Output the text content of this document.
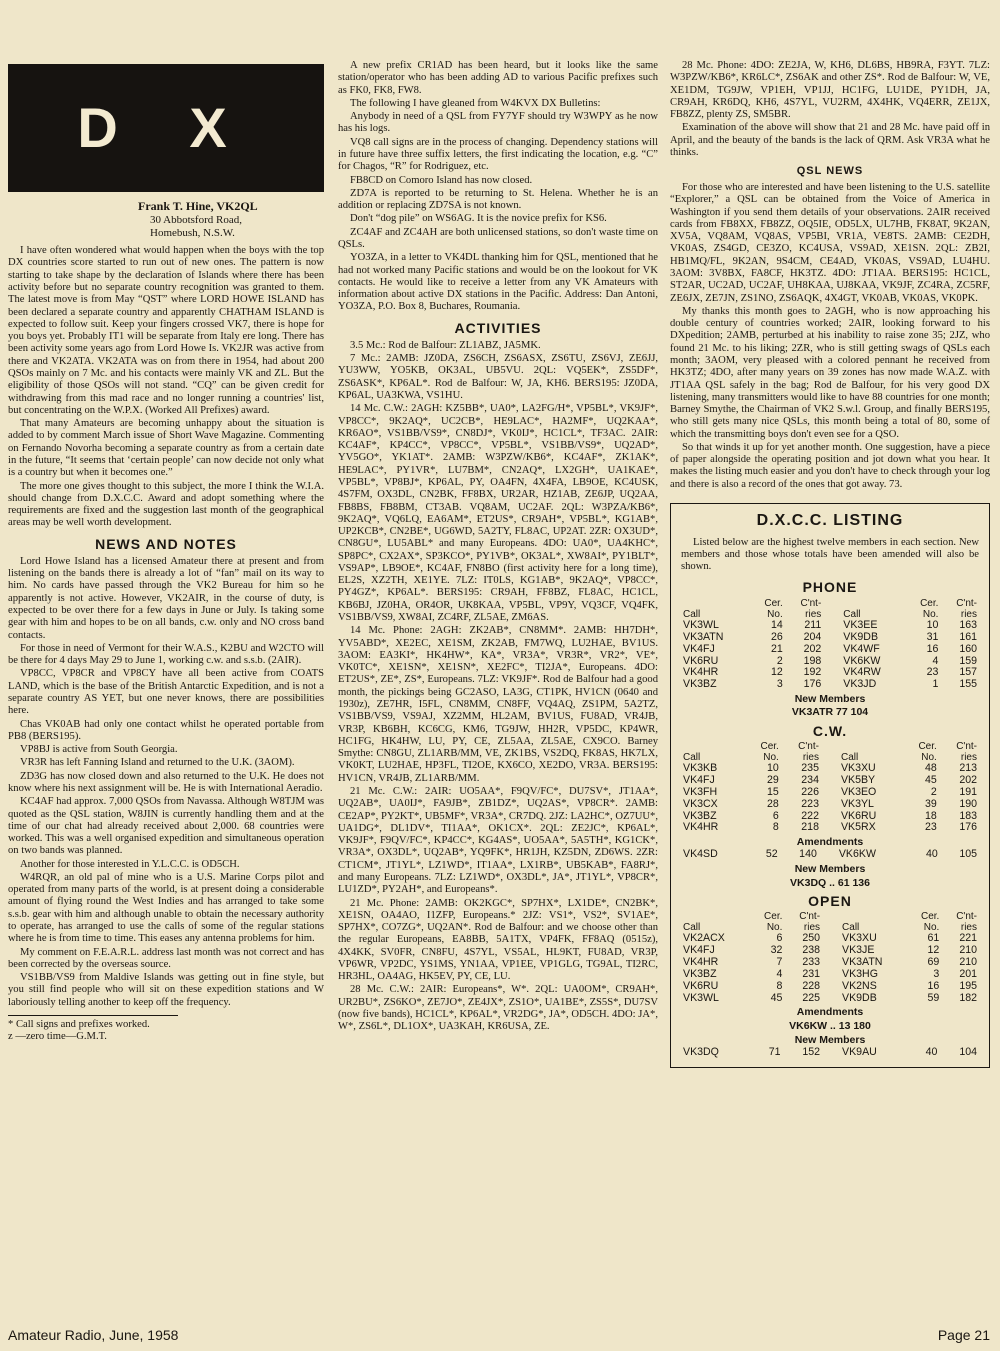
D X
Frank T. Hine, VK2QL
30 Abbotsford Road,
Homebush, N.S.W.

I have often wondered what would happen when the boys with the top DX countries score started to run out of new ones. The pattern is now starting to take shape by the declaration of Islands where there has been activity before but no separate country recognition was granted to them. The latest move is from May “QST” where LORD HOWE ISLAND has been declared a separate country and apparently CHATHAM ISLAND is expected to follow suit. Keep your fingers crossed VK7, there is hope for you boys yet. Probably IT1 will be separate from Italy ere long. There has been activity some years ago from Lord Howe Is. VK2JR was active from there and VK2ATA. VK2ATA was on from there in 1954, had about 200 QSOs mainly on 7 Mc. and his contacts were mainly VK and ZL. But the eligibility of those QSOs will not stand. “CQ” can be given credit for withdrawing from this mad race and no longer running a countries' list, but concentrating on the W.P.X. (Worked All Prefixes) award.

That many Amateurs are becoming unhappy about the situation is added to by comment March issue of Short Wave Magazine. Commenting on Fernando Novorha becoming a separate country as from a certain date in the future, “It seems that ‘certain people’ can now decide not only what is a country but when it becomes one.”

The more one gives thought to this subject, the more I think the W.I.A. should change from D.X.C.C. Award and adopt something where the requirements are fixed and the suggestion last month of the geographical areas may be well worth development.

NEWS AND NOTES

Lord Howe Island has a licensed Amateur there at present and from listening on the bands there is already a lot of “fan” mail on its way to him. No cards have passed through the VK2 Bureau for him so he apparently is not active. However, VK2AIR, in the course of duty, is expected to be over there for a few days in June or July. Is taking some gear with him and hopes to be on all bands, c.w. only and NO cross band contacts.

For those in need of Vermont for their W.A.S., K2BU and W2CTO will be there for 4 days May 29 to June 1, working c.w. and s.s.b. (2AIR).

VP8CC, VP8CR and VP8CY have all been active from COATS LAND, which is the base of the British Antarctic Expedition, and is not a separate country AS YET, but one never knows, there are possibilities here.

Chas VK0AB had only one contact whilst he operated portable from PB8 (BERS195).

VP8BJ is active from South Georgia.

VR3R has left Fanning Island and returned to the U.K. (3AOM).

ZD3G has now closed down and also returned to the U.K. He does not know where his next assignment will be. He is with International Aeradio.

KC4AF had approx. 7,000 QSOs from Navassa. Although W8TJM was quoted as the QSL station, W8JIN is currently handling them and at the time of our chat had already received about 2,000. 68 countries were worked. This was a well organised expedition and simultaneous operation on two bands was planned.

Another for those interested in Y.L.C.C. is OD5CH.

W4RQR, an old pal of mine who is a U.S. Marine Corps pilot and operated from many parts of the world, is at present doing a considerable amount of flying round the West Indies and has arranged to take some s.s.b. gear with him and although unable to obtain the necessary authority to operate, has arranged to use the calls of some of the regular stations where he is from time to time. This eases any antenna problems for him.

My comment on F.E.A.R.L. address last month was not correct and has been corrected by the overseas source.

VS1BB/VS9 from Maldive Islands was getting out in fine style, but you still find people who will sit on these expedition stations and W laboriously telling another to keep off the frequency.

* Call signs and prefixes worked.
z —zero time—G.M.T.

A new prefix CR1AD has been heard, but it looks like the same station/operator who has been adding AD to various Pacific prefixes such as FK0, FK8, FW8.

The following I have gleaned from W4KVX DX Bulletins:

Anybody in need of a QSL from FY7YF should try W3WPY as he now has his logs.

VQ8 call signs are in the process of changing. Dependency stations will in future have three suffix letters, the first indicating the location, e.g. “C” for Chagos, “R” for Rodriguez, etc.

FB8CD on Comoro Island has now closed.

ZD7A is reported to be returning to St. Helena. Whether he is an addition or replacing ZD7SA is not known.

Don't “dog pile” on WS6AG. It is the novice prefix for KS6.

ZC4AF and ZC4AH are both unlicensed stations, so don't waste time on QSLs.

YO3ZA, in a letter to VK4DL thanking him for QSL, mentioned that he had not worked many Pacific stations and would be on the lookout for VK contacts. He would like to receive a letter from any VK Amateurs with information about active DX stations in the Pacific. Address: Dan Antoni, YO3ZA, P.O. Box 8, Buchares, Roumania.

ACTIVITIES

3.5 Mc.: Rod de Balfour: ZL1ABZ, JA5MK.

7 Mc.: 2AMB: JZ0DA, ZS6CH, ZS6ASX, ZS6TU, ZS6VJ, ZE6JJ, YU3WW, YO5KB, OK3AL, UB5VU. 2QL: VQ5EK*, ZS5DF*, ZS6ASK*, KP6AL*. Rod de Balfour: W, JA, KH6. BERS195: JZ0DA, KP6AL, UA3KWA, VS1HU.

14 Mc. C.W.: 2AGH: KZ5BB*, UA0*, LA2FG/H*, VP5BL*, VK9JF*, VP8CC*, 9K2AQ*, UC2CB*, HE9LAC*, HA2MF*, UQ2KAA*, KR6AO*, VS1BB/VS9*, CN8DJ*, VK0IJ*, HC1CL*, TF3AC. 2AIR: KC4AF*, KP4CC*, VP8CC*, VP5BL*, VS1BB/VS9*, UQ2AD*, YV5GO*, YK1AT*. 2AMB: W3PZW/KB6*, KC4AF*, ZK1AK*, HE9LAC*, PY1VR*, LU7BM*, CN2AQ*, LX2GH*, UA1KAE*, VP5BL*, VP8BJ*, KP6AL, PY, OA4FN, 4X4FA, LB9OE, KC4USK, 4S7FM, OX3DL, CN2BK, FF8BX, UR2AR, HZ1AB, ZE6JP, UQ2AA, FB8BS, FB8BM, CT3AB. VQ8AM, UC2AF. 2QL: W3PZA/KB6*, 9K2AQ*, VQ6LQ, EA6AM*, ET2US*, CR9AH*, VP5BL*, KG1AB*, UP2KCB*, CN2BE*, UG6WD, 5A2TY, FL8AC, UP2AT. 2ZR: OX3UD*, CN8GU*, LU5ABL* and many Europeans. 4DO: UA0*, UA4KHC*, SP8PC*, CX2AX*, SP3KCO*, PY1VB*, OK3AL*, XW8AI*, PY1BLT*, VS9AP*, LB9OE*, KC4AF, FN8BO (first activity here for a long time), EL2S, XZ2TH, XE1YE. 7LZ: IT0LS, KG1AB*, 9K2AQ*, VP8CC*, PY4GZ*, KP6AL*. BERS195: CR9AH, FF8BZ, FL8AC, HC1CL, KB6BJ, JZ0HA, OR4OR, UK8KAA, VP5BL, VP9Y, VQ3CF, VQ4FK, VS1BB/VS9, XW8AI, ZC4RF, ZL5AE, ZM6AS.

14 Mc. Phone: 2AGH: ZK2AB*, CN8MM*. 2AMB: HH7DH*, YV5ABD*, XE2EC, XE1SM, ZK2AB, FM7WQ, LU2HAE, BV1US. 3AOM: EA3KI*, HK4HW*, KA*, VR3A*, VR3R*, VR2*, VE*, VK0TC*, XE1SN*, XE1SN*, XE2FC*, TI2JA*, Europeans. 4DO: ET2US*, ZE*, ZS*, Europeans. 7LZ: VK9JF*. Rod de Balfour had a good month, the pickings being GC2ASO, LA3G, CT1PK, HV1CN (0640 and 1930z), ZE7HR, I5FL, CN8MM, CN8FF, VQ4AQ, ZS1PM, 5A2TZ, VS1BB/VS9, VS9AJ, XZ2MM, HL2AM, BV1US, FU8AD, VR4JB, VR3P, KB6BH, KC6CG, KM6, TG9JW, HH2R, VP5DC, KP4WR, HC1FG, HK4HW, LU, PY, CE, ZL5AA, ZL5AE, CX9CO. Barney Smythe: CN8GU, ZL1ARB/MM, VE, ZK1BS, VS2DQ, FK8AS, HK7LX, VK0KT, LU2HAE, HP3FL, TI2OE, KX6CO, XE2DO, VR3A. BERS195: HV1CN, VR4JB, ZL1ARB/MM.

21 Mc. C.W.: 2AIR: UO5AA*, F9QV/FC*, DU7SV*, JT1AA*, UQ2AB*, UA0IJ*, FA9JB*, ZB1DZ*, UQ2AS*, VP8CR*. 2AMB: CE2AP*, PY2KT*, UB5MF*, VR3A*, CR7DQ. 2JZ: LA2HC*, OZ7UU*, UA1DG*, DL1DV*, TI1AA*, OK1CX*. 2QL: ZE2JC*, KP6AL*, VK9JF*, F9QV/FC*, KP4CC*, KG4AS*, UO5AA*, 5A5TH*, KG1CK*, VR3A*, OX3DL*, UQ2AB*, YQ9FK*, HR1JH, KZ5DN, ZD6WS. 2ZR: CT1CM*, JT1YL*, LZ1WD*, IT1AA*, LX1RB*, UB5KAB*, FA8RJ*, and many Europeans. 7LZ: LZ1WD*, OX3DL*, JA*, JT1YL*, VP8CR*, LU1ZD*, PY2AH*, and Europeans*.

21 Mc. Phone: 2AMB: OK2KGC*, SP7HX*, LX1DE*, CN2BK*, XE1SN, OA4AO, I1ZFP, Europeans.* 2JZ: VS1*, VS2*, SV1AE*, SP7HX*, CO7ZG*, UQ2AN*. Rod de Balfour: and we choose other than the regular Europeans, EA8BB, 5A1TX, VP4FK, FF8AQ (0515z), 4X4KK, SV0FR, CN8FU, 4S7YL, VS5AL, HL9KT, FU8AD, VR3P, VP6WR, VP2DC, YS1MS, YN1AA, VP1EE, VP1GLG, TG9AL, TI2RC, HR3HL, OA4AG, HK5EV, PY, CE, LU.

28 Mc. C.W.: 2AIR: Europeans*, W*. 2QL: UA0OM*, CR9AH*, UR2BU*, ZS6KO*, ZE7JO*, ZE4JX*, ZS1O*, UA1BE*, ZS5S*, DU7SV (now five bands), HC1CL*, KP6AL*, VR2DG*, JA*, OD5CH. 4DO: JA*, W*, ZS6L*, DL1OX*, UA3KAH, KR6USA, ZE.

28 Mc. Phone: 4DO: ZE2JA, W, KH6, DL6BS, HB9RA, F3YT. 7LZ: W3PZW/KB6*, KR6LC*, ZS6AK and other ZS*. Rod de Balfour: W, VE, XE1DM, TG9JW, VP1EH, VP1JJ, HC1FG, LU1DE, PY1DH, JA, CR9AH, KR6DQ, KH6, 4S7YL, VU2RM, 4X4HK, VQ4ERR, ZE1JX, FB8ZZ, plenty ZS, SM5BR.

Examination of the above will show that 21 and 28 Mc. have paid off in April, and the beauty of the bands is the lack of QRM. Ask VR3A what he thinks.

QSL NEWS

For those who are interested and have been listening to the U.S. satellite “Explorer,” a QSL can be obtained from the Voice of America in Washington if you send them details of your observations. 2AIR received cards from FB8XX, FB8ZZ, OQ5IE, OD5LX, UL7HB, FK8AT, 9K2AN, XV5A, VQ8AM, VQ8AS, VP5BI, VR1A, VE8TS. 2AMB: CE2DH, VK0AS, ZS4GD, CE3ZO, KC4USA, VS9AD, XE1SN. 2QL: ZB2I, HB1MQ/FL, 9K2AN, 9S4CM, CE4AD, VK0AS, VS9AD, LU4HU. 3AOM: 3V8BX, FA8CF, HK3TZ. 4DO: JT1AA. BERS195: HC1CL, ST2AR, UC2AD, UC2AF, UH8KAA, UJ8KAA, VK9JF, ZC4RA, ZC5RF, ZE6JX, ZE7JN, ZS1NO, ZS6AQK, 4X4GT, VK0AB, VK0AS, VK0PK.

My thanks this month goes to 2AGH, who is now approaching his double century of countries worked; 2AIR, looking forward to his DXpedition; 2AMB, perturbed at his inability to raise zone 35; 2JZ, who found 21 Mc. to his liking; 2ZR, who is still getting swags of QSLs each month; 3AOM, very pleased with a colored pennant he received from HK3TZ; 4DO, after many years on 39 zones has now made W.A.Z. with JT1AA QSL safely in the bag; Rod de Balfour, for his very good DX listening, many transmitters would like to have 88 countries for one month; Barney Smythe, the Chairman of VK2 S.w.l. Group, and finally BERS195, who still gets many nice QSLs, this month being a total of 80, some of which the transmitting boys don't even see for a QSO.

So that winds it up for yet another month. One suggestion, have a piece of paper alongside the operating position and jot down what you hear. It makes the listing much easier and you don't have to check through your log and there is also a record of the ones that got away. 73.

D.X.C.C. LISTING
Listed below are the highest twelve members in each section. New members and those whose totals have been amended will also be shown.
PHONE
	Cer.	C'nt-			Cer.	C'nt-
Call	No.	ries		Call	No.	ries
VK3WL	14	211		VK3EE	10	163
VK3ATN	26	204		VK9DB	31	161
VK4FJ	21	202		VK4WF	16	160
VK6RU	2	198		VK6KW	4	159
VK4HR	12	192		VK4RW	23	157
VK3BZ	3	176		VK3JD	1	155
New Members
VK3ATR 77 104
C.W.
	Cer.	C'nt-			Cer.	C'nt-
Call	No.	ries		Call	No.	ries
VK3KB	10	235		VK3XU	48	213
VK4FJ	29	234		VK5BY	45	202
VK3FH	15	226		VK3EO	2	191
VK3CX	28	223		VK3YL	39	190
VK3BZ	6	222		VK6RU	18	183
VK4HR	8	218		VK5RX	23	176
Amendments
VK4SD	52	140		VK6KW	40	105
New Members
VK3DQ .. 61 136
OPEN
	Cer.	C'nt-			Cer.	C'nt-
Call	No.	ries		Call	No.	ries
VK2ACX	6	250		VK3XU	61	221
VK4FJ	32	238		VK3JE	12	210
VK4HR	7	233		VK3ATN	69	210
VK3BZ	4	231		VK3HG	3	201
VK6RU	8	228		VK2NS	16	195
VK3WL	45	225		VK9DB	59	182
Amendments
VK6KW .. 13 180
New Members
VK3DQ	71	152		VK9AU	40	104
Amateur Radio, June, 1958	Page 21
